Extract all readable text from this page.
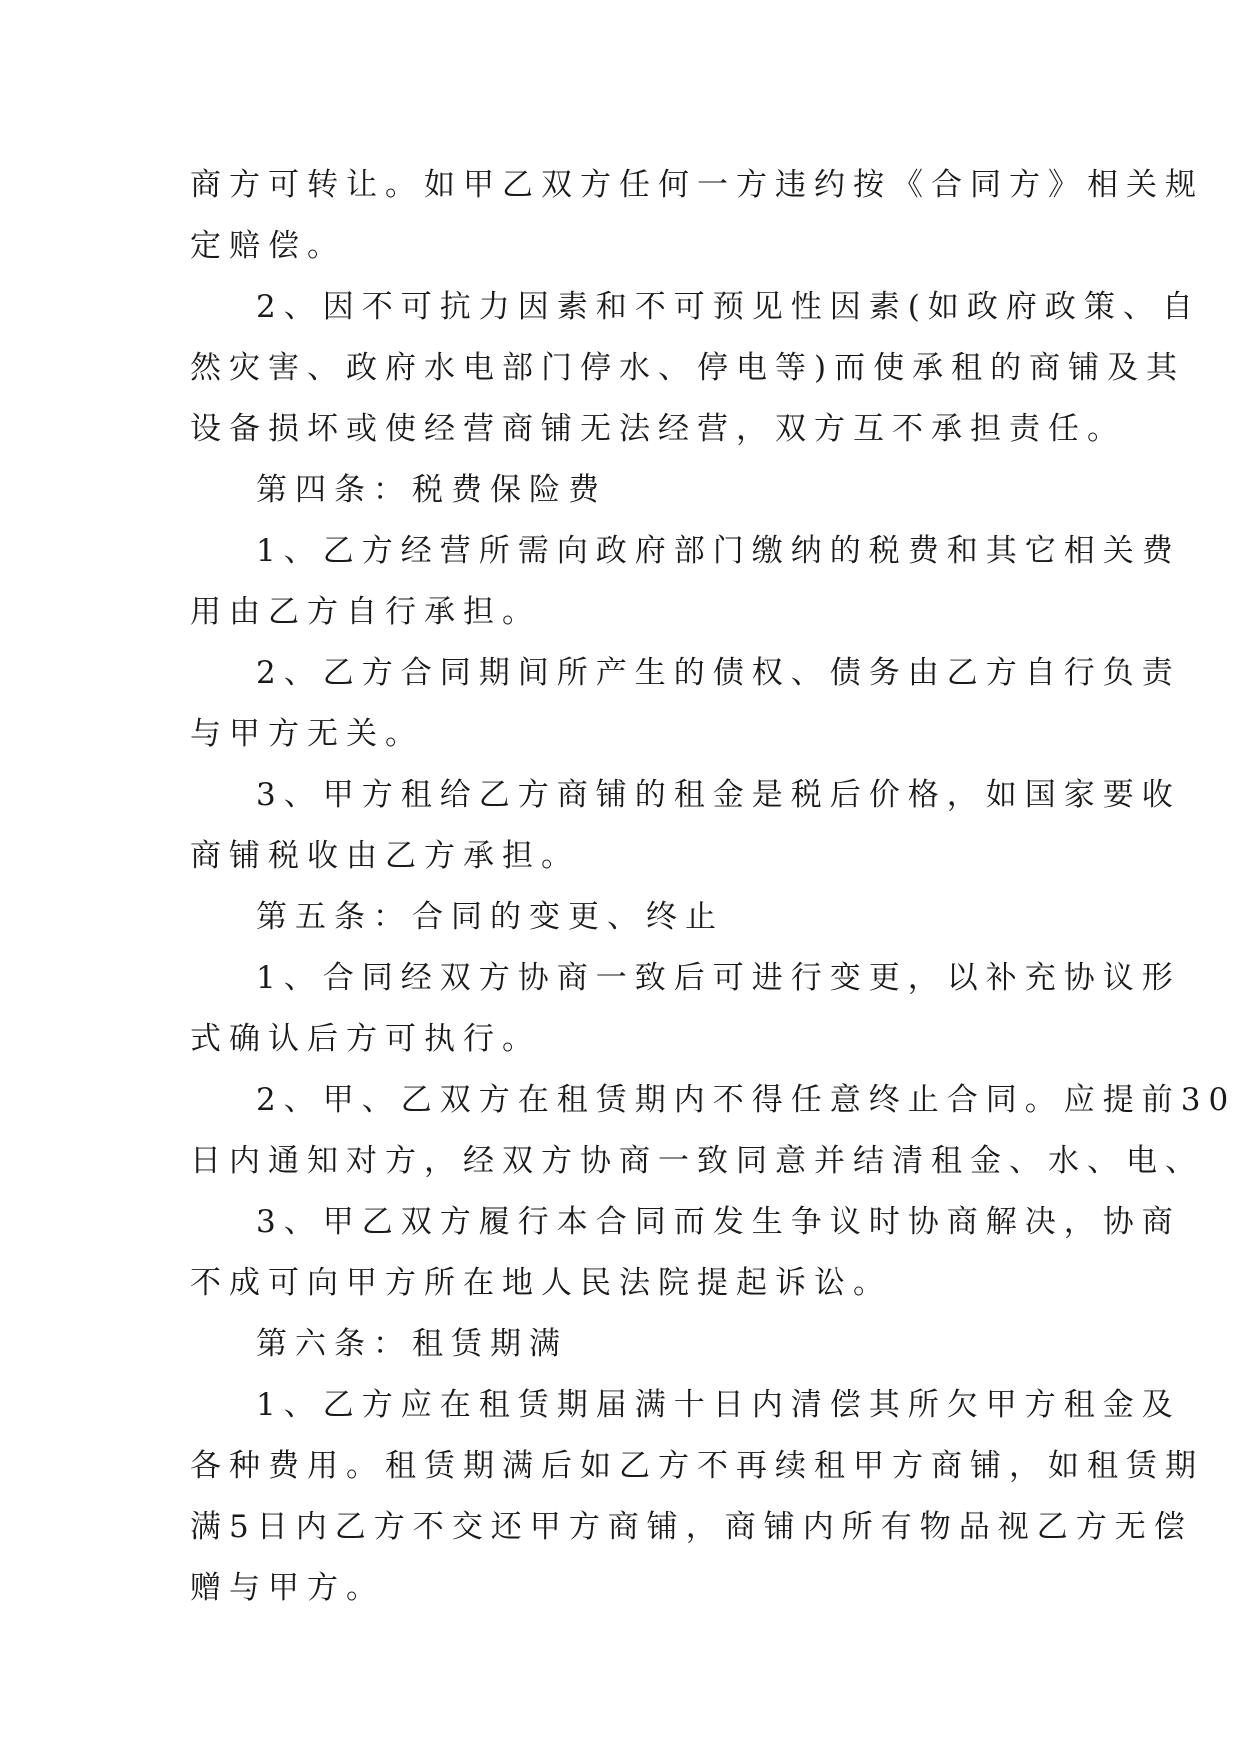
商方可转让。如甲乙双方任何一方违约按《合同方》相关规
定赔偿。
2、因不可抗力因素和不可预见性因素(如政府政策、自
然灾害、政府水电部门停水、停电等)而使承租的商铺及其
设备损坏或使经营商铺无法经营，双方互不承担责任。
第四条：税费保险费
1、乙方经营所需向政府部门缴纳的税费和其它相关费
用由乙方自行承担。
2、乙方合同期间所产生的债权、债务由乙方自行负责
与甲方无关。
3、甲方租给乙方商铺的租金是税后价格，如国家要收
商铺税收由乙方承担。
第五条：合同的变更、终止
1、合同经双方协商一致后可进行变更，以补充协议形
式确认后方可执行。
2、甲、乙双方在租赁期内不得任意终止合同。应提前30
日内通知对方，经双方协商一致同意并结清租金、水、电、
3、甲乙双方履行本合同而发生争议时协商解决，协商
不成可向甲方所在地人民法院提起诉讼。
第六条：租赁期满
1、乙方应在租赁期届满十日内清偿其所欠甲方租金及
各种费用。租赁期满后如乙方不再续租甲方商铺，如租赁期
满5日内乙方不交还甲方商铺，商铺内所有物品视乙方无偿
赠与甲方。
